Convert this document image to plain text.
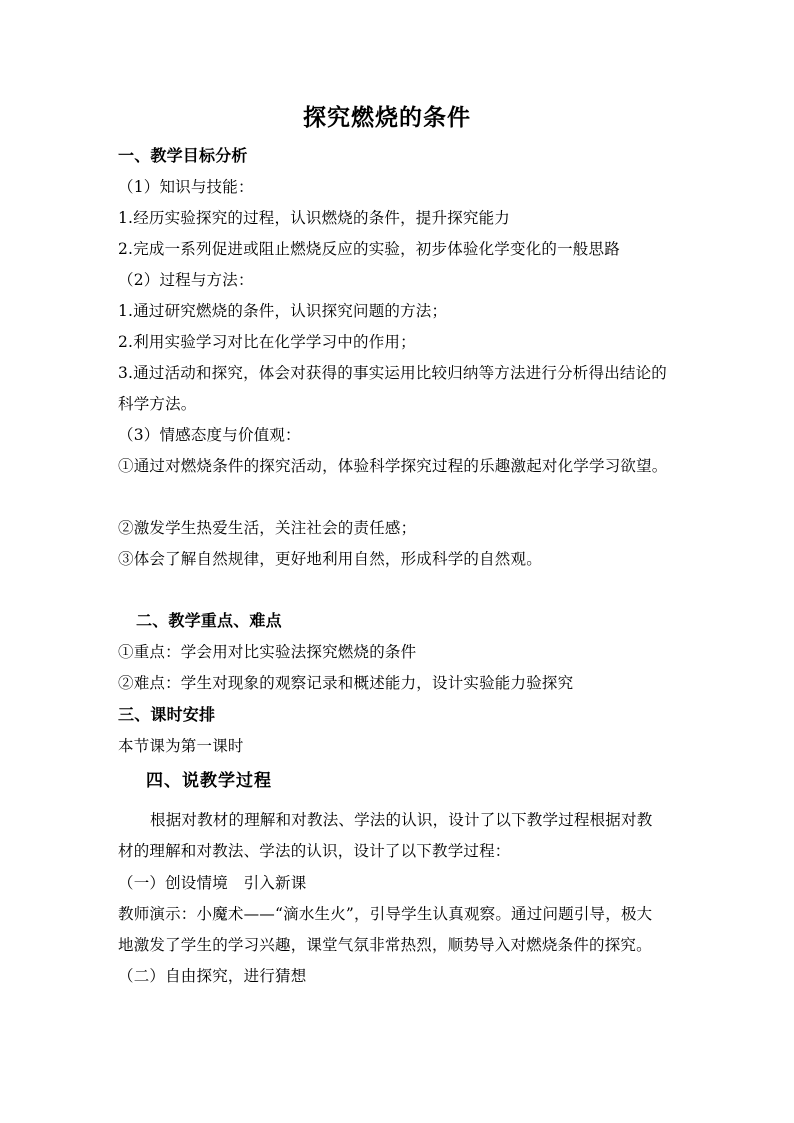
探究燃烧的条件
一、教学目标分析
（1）知识与技能：
1.经历实验探究的过程，认识燃烧的条件，提升探究能力
2.完成一系列促进或阻止燃烧反应的实验，初步体验化学变化的一般思路
（2）过程与方法：
1.通过研究燃烧的条件，认识探究问题的方法；
2.利用实验学习对比在化学学习中的作用；
3.通过活动和探究，体会对获得的事实运用比较归纳等方法进行分析得出结论的
科学方法。
（3）情感态度与价值观：
①通过对燃烧条件的探究活动，体验科学探究过程的乐趣激起对化学学习欲望。
②激发学生热爱生活，关注社会的责任感；
③体会了解自然规律，更好地利用自然，形成科学的自然观。
二、教学重点、难点
①重点：学会用对比实验法探究燃烧的条件
②难点：学生对现象的观察记录和概述能力，设计实验能力验探究
三、课时安排
本节课为第一课时
四、说教学过程
根据对教材的理解和对教法、学法的认识，设计了以下教学过程根据对教
材的理解和对教法、学法的认识，设计了以下教学过程：
（一）创设情境　引入新课
教师演示：小魔术——“滴水生火”，引导学生认真观察。通过问题引导，极大
地激发了学生的学习兴趣，课堂气氛非常热烈，顺势导入对燃烧条件的探究。
（二）自由探究，进行猜想
